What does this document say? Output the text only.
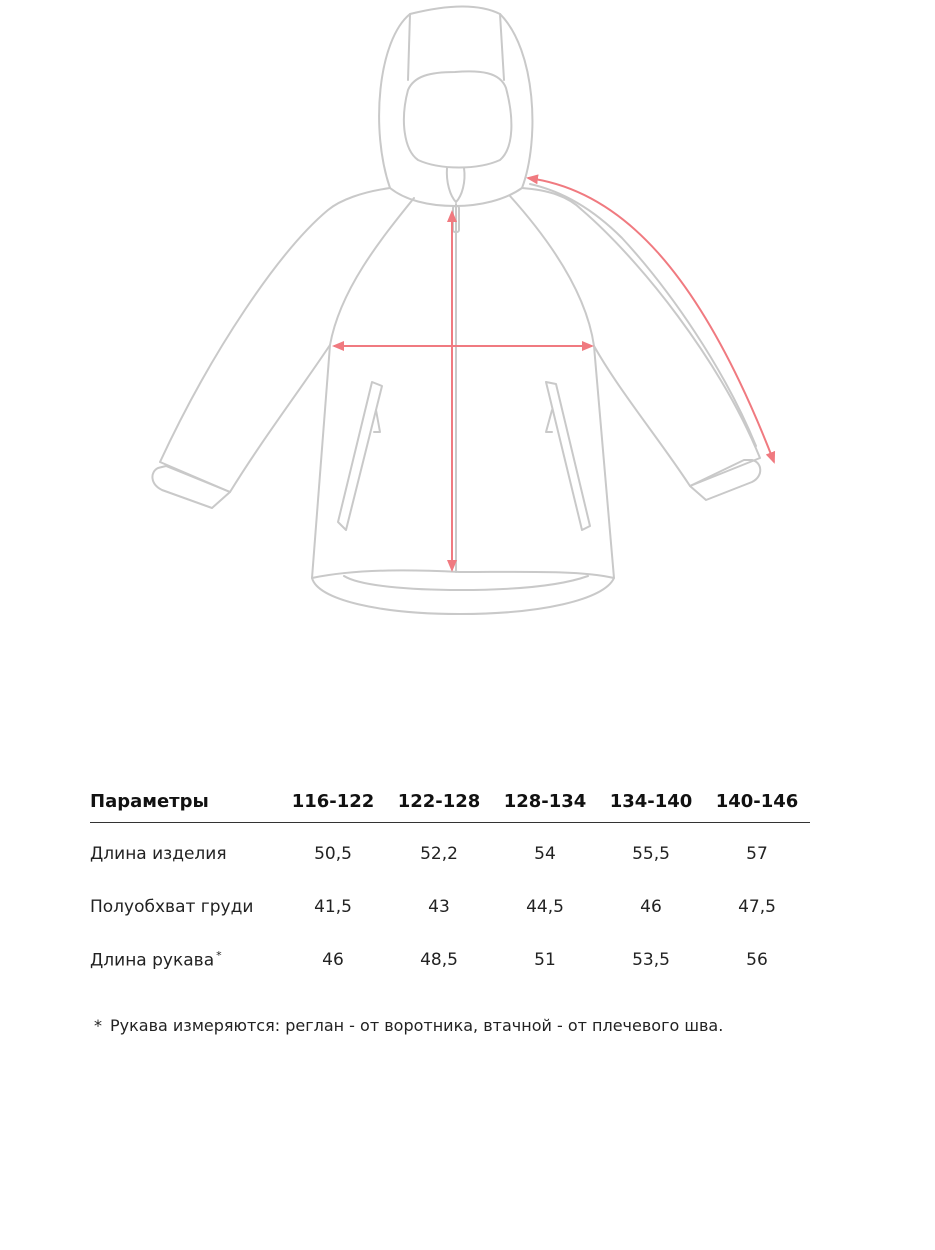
Параметры	116-122	122-128	128-134	134-140	140-146
Длина изделия	50,5	52,2	54	55,5	57
Полуобхват груди	41,5	43	44,5	46	47,5
Длина рукава *	46	48,5	51	53,5	56
* Рукава измеряются: реглан - от воротника, втачной - от плечевого шва.
